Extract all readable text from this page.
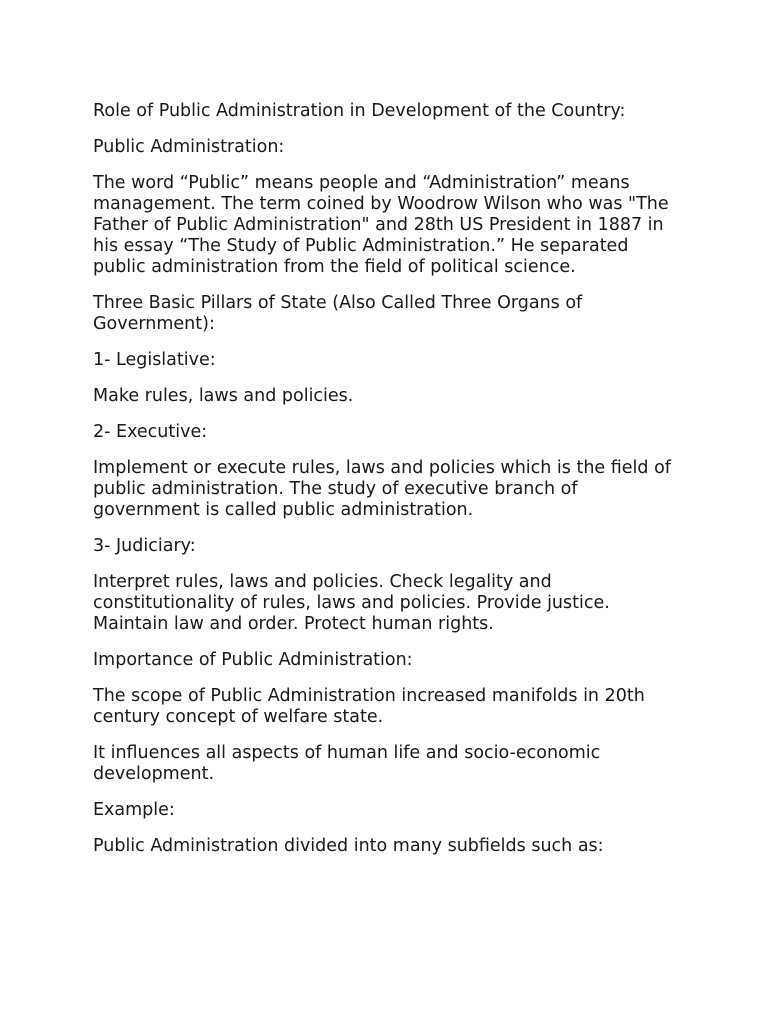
Role of Public Administration in Development of the Country:

Public Administration:

The word “Public” means people and “Administration” means management. The term coined by Woodrow Wilson who was "The Father of Public Administration" and 28th US President in 1887 in his essay “The Study of Public Administration.” He separated public administration from the field of political science.

Three Basic Pillars of State (Also Called Three Organs of Government):

1- Legislative:

Make rules, laws and policies.

2- Executive:

Implement or execute rules, laws and policies which is the field of public administration. The study of executive branch of government is called public administration.

3- Judiciary:

Interpret rules, laws and policies. Check legality and constitutionality of rules, laws and policies. Provide justice. Maintain law and order. Protect human rights.

Importance of Public Administration:

The scope of Public Administration increased manifolds in 20th century concept of welfare state.

It influences all aspects of human life and socio-economic development.

Example:

Public Administration divided into many subfields such as:
